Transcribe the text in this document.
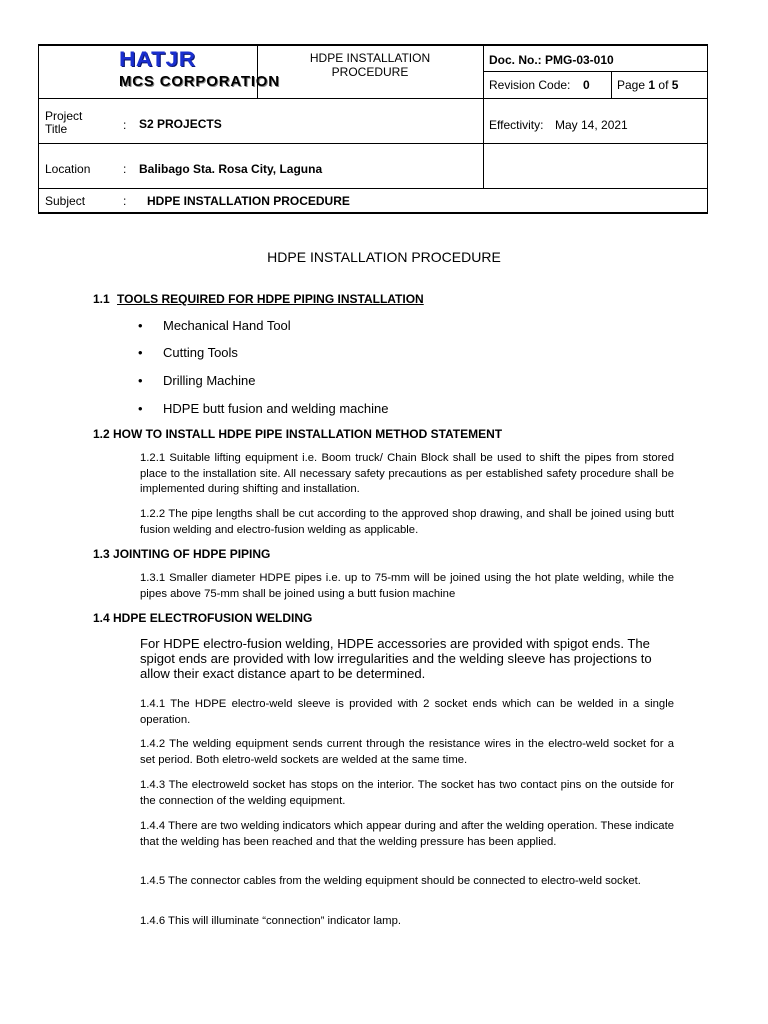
HATJR
MCS CORPORATION
HDPE INSTALLATION
PROCEDURE
Doc. No.: PMG-03-010
Revision Code: 0 Page 1 of 5
Project
Title	: S2 PROJECTS	Effectivity: May 14, 2021
Location	: Balibago Sta. Rosa City, Laguna
Subject	: HDPE INSTALLATION PROCEDURE
HDPE INSTALLATION PROCEDURE
1.1 TOOLS REQUIRED FOR HDPE PIPING INSTALLATION
• Mechanical Hand Tool
• Cutting Tools
• Drilling Machine
• HDPE butt fusion and welding machine
1.2 HOW TO INSTALL HDPE PIPE INSTALLATION METHOD STATEMENT
1.2.1 Suitable lifting equipment i.e. Boom truck/ Chain Block shall be used to shift the pipes from stored place to the installation site. All necessary safety precautions as per established safety procedure shall be implemented during shifting and installation.
1.2.2 The pipe lengths shall be cut according to the approved shop drawing, and shall be joined using butt fusion welding and electro-fusion welding as applicable.
1.3 JOINTING OF HDPE PIPING
1.3.1 Smaller diameter HDPE pipes i.e. up to 75-mm will be joined using the hot plate welding, while the pipes above 75-mm shall be joined using a butt fusion machine
1.4 HDPE ELECTROFUSION WELDING
For HDPE electro-fusion welding, HDPE accessories are provided with spigot ends. The spigot ends are provided with low irregularities and the welding sleeve has projections to allow their exact distance apart to be determined.
1.4.1 The HDPE electro-weld sleeve is provided with 2 socket ends which can be welded in a single operation.
1.4.2 The welding equipment sends current through the resistance wires in the electro-weld socket for a set period. Both eletro-weld sockets are welded at the same time.
1.4.3 The electroweld socket has stops on the interior. The socket has two contact pins on the outside for the connection of the welding equipment.
1.4.4 There are two welding indicators which appear during and after the welding operation. These indicate that the welding has been reached and that the welding pressure has been applied.
1.4.5 The connector cables from the welding equipment should be connected to electro-weld socket.
1.4.6 This will illuminate “connection” indicator lamp.
